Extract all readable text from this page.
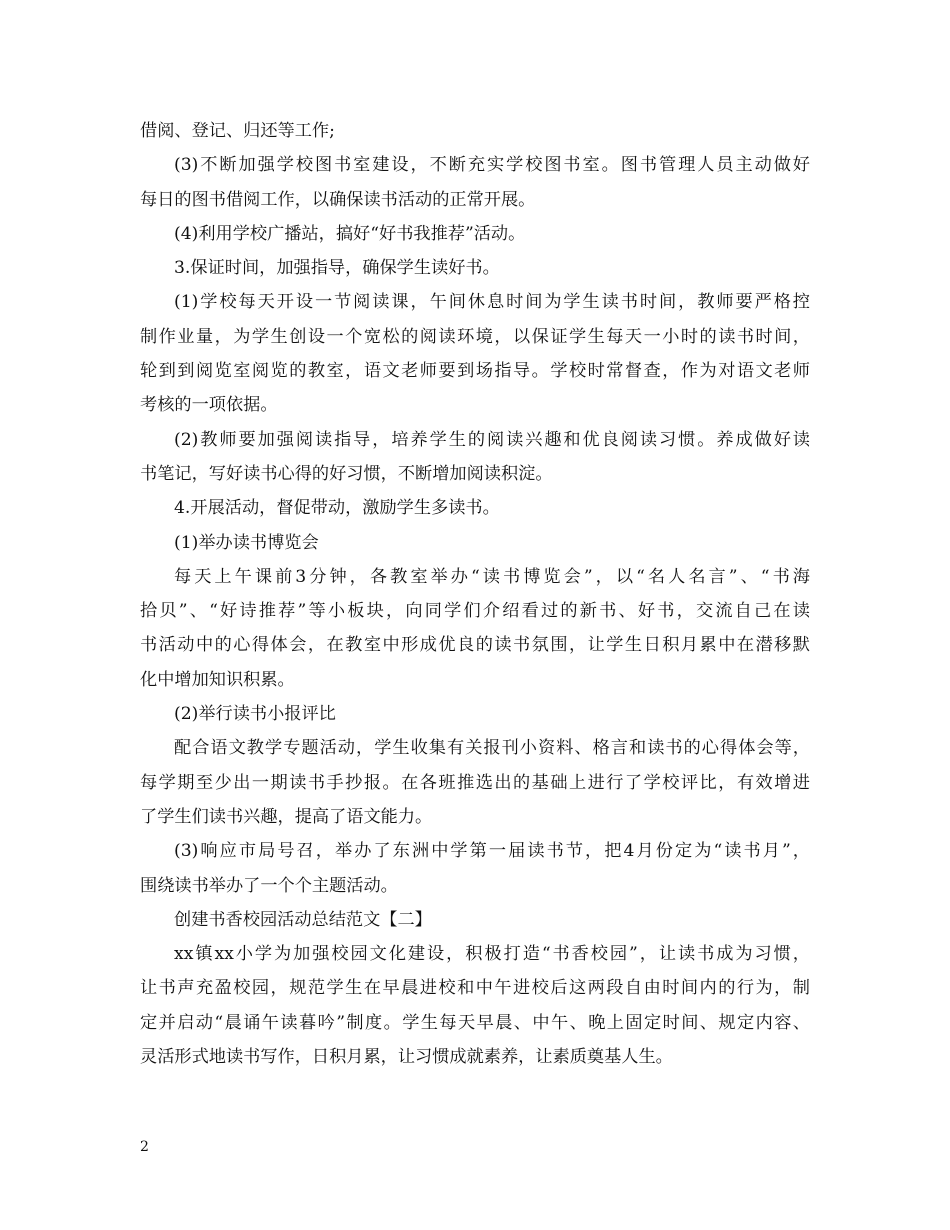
借阅、登记、归还等工作;
(3)不断加强学校图书室建设，不断充实学校图书室。图书管理人员主动做好
每日的图书借阅工作，以确保读书活动的正常开展。
(4)利用学校广播站，搞好“好书我推荐”活动。
3.保证时间，加强指导，确保学生读好书。
(1)学校每天开设一节阅读课，午间休息时间为学生读书时间，教师要严格控
制作业量，为学生创设一个宽松的阅读环境，以保证学生每天一小时的读书时间，
轮到到阅览室阅览的教室，语文老师要到场指导。学校时常督查，作为对语文老师
考核的一项依据。
(2)教师要加强阅读指导，培养学生的阅读兴趣和优良阅读习惯。养成做好读
书笔记，写好读书心得的好习惯，不断增加阅读积淀。
4.开展活动，督促带动，激励学生多读书。
(1)举办读书博览会
每天上午课前3分钟，各教室举办“读书博览会”，以“名人名言”、“书海
拾贝”、“好诗推荐”等小板块，向同学们介绍看过的新书、好书，交流自己在读
书活动中的心得体会，在教室中形成优良的读书氛围，让学生日积月累中在潜移默
化中增加知识积累。
(2)举行读书小报评比
配合语文教学专题活动，学生收集有关报刊小资料、格言和读书的心得体会等，
每学期至少出一期读书手抄报。在各班推选出的基础上进行了学校评比，有效增进
了学生们读书兴趣，提高了语文能力。
(3)响应市局号召，举办了东洲中学第一届读书节，把4月份定为“读书月”，
围绕读书举办了一个个主题活动。
创建书香校园活动总结范文【二】
xx镇xx小学为加强校园文化建设，积极打造“书香校园”，让读书成为习惯，
让书声充盈校园，规范学生在早晨进校和中午进校后这两段自由时间内的行为，制
定并启动“晨诵午读暮吟”制度。学生每天早晨、中午、晚上固定时间、规定内容、
灵活形式地读书写作，日积月累，让习惯成就素养，让素质奠基人生。
2
